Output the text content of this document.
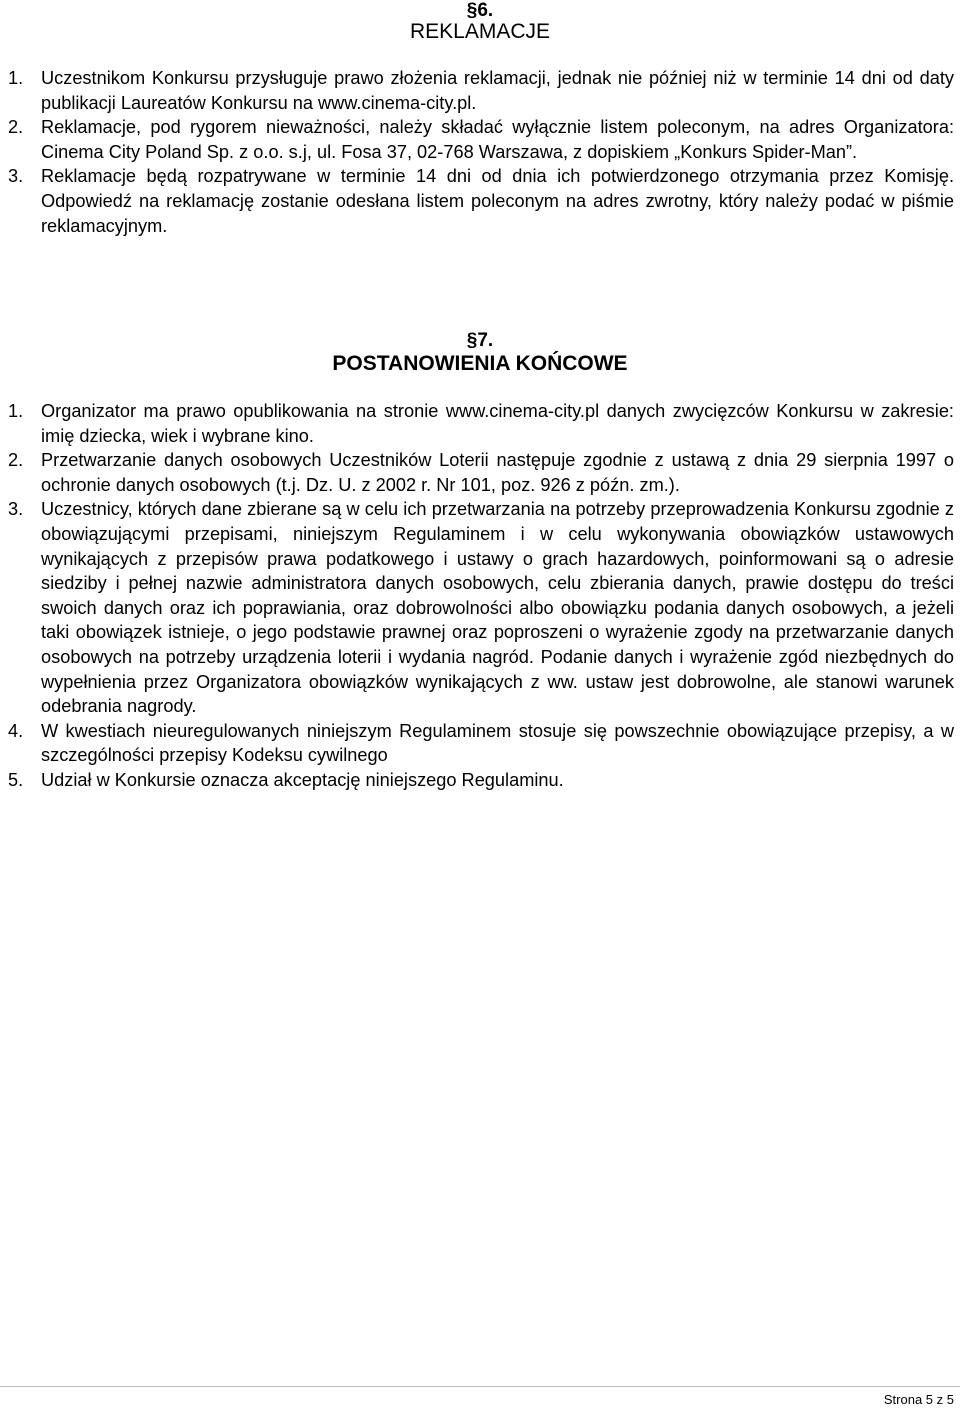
§6.
REKLAMACJE
1. Uczestnikom Konkursu przysługuje prawo złożenia reklamacji, jednak nie później niż w terminie 14 dni od daty publikacji Laureatów Konkursu na www.cinema-city.pl.
2. Reklamacje, pod rygorem nieważności, należy składać wyłącznie listem poleconym, na adres Organizatora: Cinema City Poland Sp. z o.o. s.j, ul. Fosa 37, 02-768 Warszawa, z dopiskiem „Konkurs Spider-Man”.
3. Reklamacje będą rozpatrywane w terminie 14 dni od dnia ich potwierdzonego otrzymania przez Komisję. Odpowiedź na reklamację zostanie odesłana listem poleconym na adres zwrotny, który należy podać w piśmie reklamacyjnym.
§7.
POSTANOWIENIA KOŃCOWE
1. Organizator ma prawo opublikowania na stronie www.cinema-city.pl danych zwycięzców Konkursu w zakresie: imię dziecka, wiek i wybrane kino.
2. Przetwarzanie danych osobowych Uczestników Loterii następuje zgodnie z ustawą z dnia 29 sierpnia 1997 o ochronie danych osobowych (t.j. Dz. U. z 2002 r. Nr 101, poz. 926 z późn. zm.).
3. Uczestnicy, których dane zbierane są w celu ich przetwarzania na potrzeby przeprowadzenia Konkursu zgodnie z obowiązującymi przepisami, niniejszym Regulaminem i w celu wykonywania obowiązków ustawowych wynikających z przepisów prawa podatkowego i ustawy o grach hazardowych, poinformowani są o adresie siedziby i pełnej nazwie administratora danych osobowych, celu zbierania danych, prawie dostępu do treści swoich danych oraz ich poprawiania, oraz dobrowolności albo obowiązku podania danych osobowych, a jeżeli taki obowiązek istnieje, o jego podstawie prawnej oraz poproszeni o wyrażenie zgody na przetwarzanie danych osobowych na potrzeby urządzenia loterii i wydania nagród. Podanie danych i wyrażenie zgód niezbędnych do wypełnienia przez Organizatora obowiązków wynikających z ww. ustaw jest dobrowolne, ale stanowi warunek odebrania nagrody.
4. W kwestiach nieuregulowanych niniejszym Regulaminem stosuje się powszechnie obowiązujące przepisy, a w szczególności przepisy Kodeksu cywilnego
5. Udział w Konkursie oznacza akceptację niniejszego Regulaminu.
Strona 5 z 5
